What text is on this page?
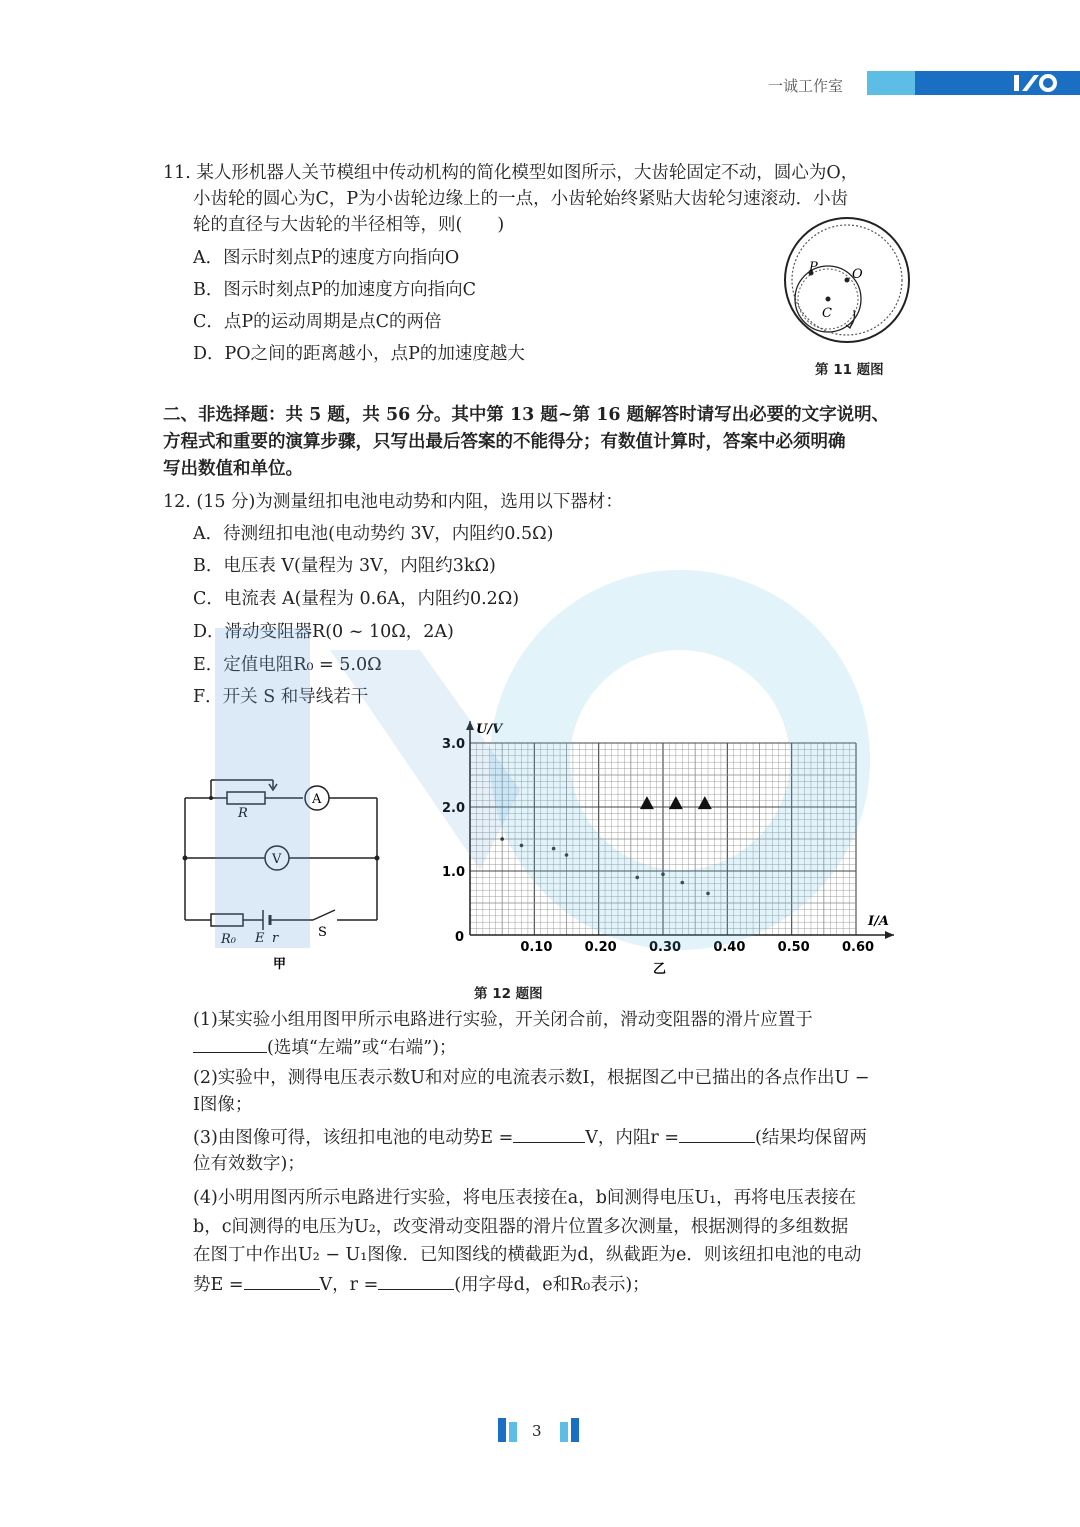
一诚工作室
11. 某人形机器人关节模组中传动机构的简化模型如图所示，大齿轮固定不动，圆心为O，
小齿轮的圆心为C，P为小齿轮边缘上的一点，小齿轮始终紧贴大齿轮匀速滚动．小齿
轮的直径与大齿轮的半径相等，则(　　)
A．图示时刻点P的速度方向指向O
B．图示时刻点P的加速度方向指向C
C．点P的运动周期是点C的两倍
D．PO之间的距离越小，点P的加速度越大
P	O
C
第 11 题图
二、非选择题：共 5 题，共 56 分。其中第 13 题~第 16 题解答时请写出必要的文字说明、
方程式和重要的演算步骤，只写出最后答案的不能得分；有数值计算时，答案中必须明确
写出数值和单位。
12. (15 分)为测量纽扣电池电动势和内阻，选用以下器材：
A．待测纽扣电池(电动势约 3V，内阻约0.5Ω)
B．电压表 V(量程为 3V，内阻约3kΩ)
C．电流表 A(量程为 0.6A，内阻约0.2Ω)
D．滑动变阻器R(0 ~ 10Ω，2A)
E．定值电阻R₀ = 5.0Ω
F．开关 S 和导线若干
A
V
R
R₀ E r	S
甲
0.10 0.20 0.30 0.40 0.50 0.60
1.0
2.0
3.0
U/V
I/A
0
乙
第 12 题图
(1)某实验小组用图甲所示电路进行实验，开关闭合前，滑动变阻器的滑片应置于
(选填“左端”或“右端”)；
(2)实验中，测得电压表示数U和对应的电流表示数I，根据图乙中已描出的各点作出U −
I图像；
(3)由图像可得，该纽扣电池的电动势E =	V，内阻r =	(结果均保留两
位有效数字)；
(4)小明用图丙所示电路进行实验，将电压表接在a，b间测得电压U₁，再将电压表接在
b，c间测得的电压为U₂，改变滑动变阻器的滑片位置多次测量，根据测得的多组数据
在图丁中作出U₂ − U₁图像．已知图线的横截距为d，纵截距为e．则该纽扣电池的电动
势E =	V，r =	(用字母d，e和R₀表示)；
3
